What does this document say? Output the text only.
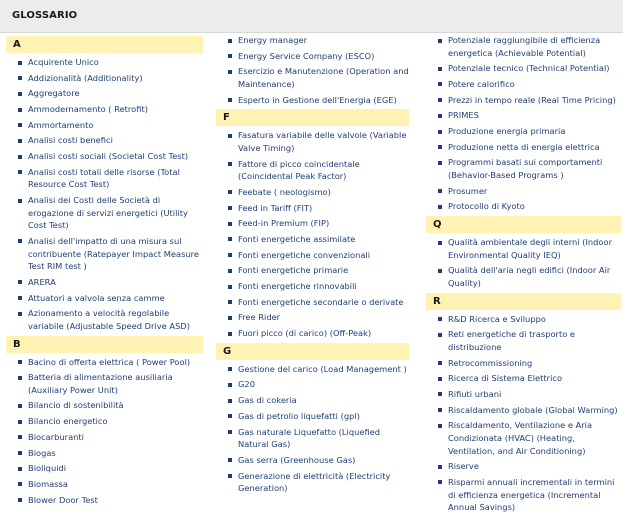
GLOSSARIO
A
Acquirente Unico
Addizionalità (Additionality)
Aggregatore
Ammodernamento ( Retrofit)
Ammortamento
Analisi costi benefici
Analisi costi sociali (Societal Cost Test)
Analisi costi totali delle risorse (Total Resource Cost Test)
Analisi dei Costi delle Società di erogazione di servizi energetici (Utility Cost Test)
Analisi dell'impatto di una misura sul contribuente (Ratepayer Impact Measure Test RIM test )
ARERA
Attuatori a valvola senza camme
Azionamento a velocità regolabile variabile (Adjustable Speed Drive ASD)
B
Bacino di offerta elettrica ( Power Pool)
Batteria di alimentazione ausiliaria (Auxiliary Power Unit)
Bilancio di sostenibilità
Bilancio energetico
Biocarburanti
Biogas
Bioliquidi
Biomassa
Blower Door Test
Energy manager
Energy Service Company (ESCO)
Esercizio e Manutenzione (Operation and Maintenance)
Esperto in Gestione dell'Energia (EGE)
F
Fasatura variabile delle valvole (Variable Valve Timing)
Fattore di picco coincidentale (Coincidental Peak Factor)
Feebate ( neologismo)
Feed in Tariff (FIT)
Feed-in Premium (FIP)
Fonti energetiche assimilate
Fonti energetiche convenzionali
Fonti energetiche primarie
Fonti energetiche rinnovabili
Fonti energetiche secondarie o derivate
Free Rider
Fuori picco (di carico) (Off-Peak)
G
Gestione del carico (Load Management )
G20
Gas di cokeria
Gas di petrolio liquefatti (gpl)
Gas naturale Liquefatto (Liquefied Natural Gas)
Gas serra (Greenhouse Gas)
Generazione di elettricità (Electricity Generation)
Potenziale raggiungibile di efficienza energetica (Achievable Potential)
Potenziale tecnico (Technical Potential)
Potere calorifico
Prezzi in tempo reale (Real Time Pricing)
PRIMES
Produzione energia primaria
Produzione netta di energia elettrica
Programmi basati sui comportamenti (Behavior-Based Programs )
Prosumer
Protocollo di Kyoto
Q
Qualità ambientale degli interni (Indoor Environmental Quality IEQ)
Qualità dell'aria negli edifici (Indoor Air Quality)
R
R&D Ricerca e Sviluppo
Reti energetiche di trasporto e distribuzione
Retrocommissioning
Ricerca di Sistema Elettrico
Rifiuti urbani
Riscaldamento globale (Global Warming)
Riscaldamento, Ventilazione e Aria Condizionata (HVAC) (Heating, Ventilation, and Air Conditioning)
Riserve
Risparmi annuali incrementali in termini di efficienza energetica (Incremental Annual Savings)
